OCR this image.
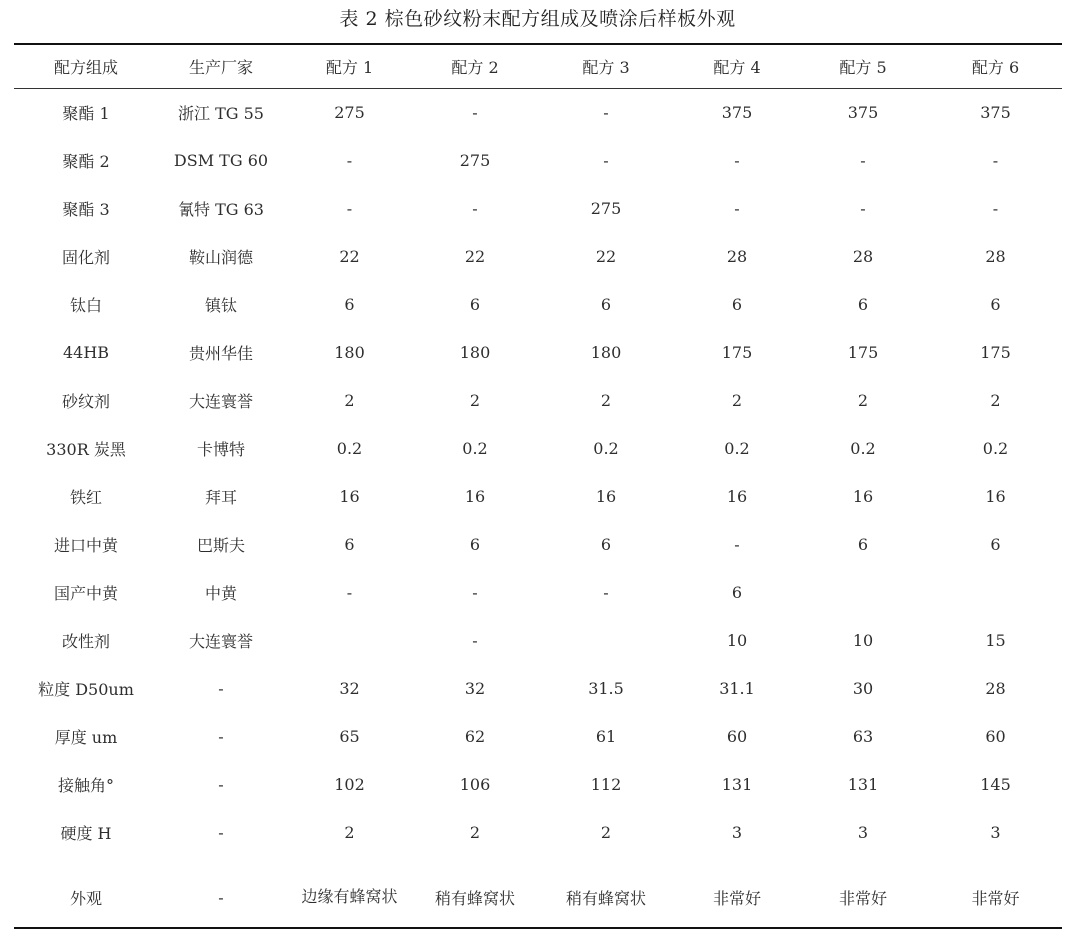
表 2 棕色砂纹粉末配方组成及喷涂后样板外观
配方组成	生产厂家	配方 1	配方 2	配方 3	配方 4	配方 5	配方 6
聚酯 1	浙江 TG 55	275	-	-	375	375	375
聚酯 2	DSM TG 60	-	275	-	-	-	-
聚酯 3	氰特 TG 63	-	-	275	-	-	-
固化剂	鞍山润德	22	22	22	28	28	28
钛白	镇钛	6	6	6	6	6	6
44HB	贵州华佳	180	180	180	175	175	175
砂纹剂	大连寰誉	2	2	2	2	2	2
330R 炭黑	卡博特	0.2	0.2	0.2	0.2	0.2	0.2
铁红	拜耳	16	16	16	16	16	16
进口中黄	巴斯夫	6	6	6	-	6	6
国产中黄	中黄	-	-	-	6		
改性剂	大连寰誉		-		10	10	15
粒度 D50um	-	32	32	31.5	31.1	30	28
厚度 um	-	65	62	61	60	63	60
接触角°	-	102	106	112	131	131	145
硬度 H	-	2	2	2	3	3	3
外观	-	边缘有蜂窝状	稍有蜂窝状	稍有蜂窝状	非常好	非常好	非常好
